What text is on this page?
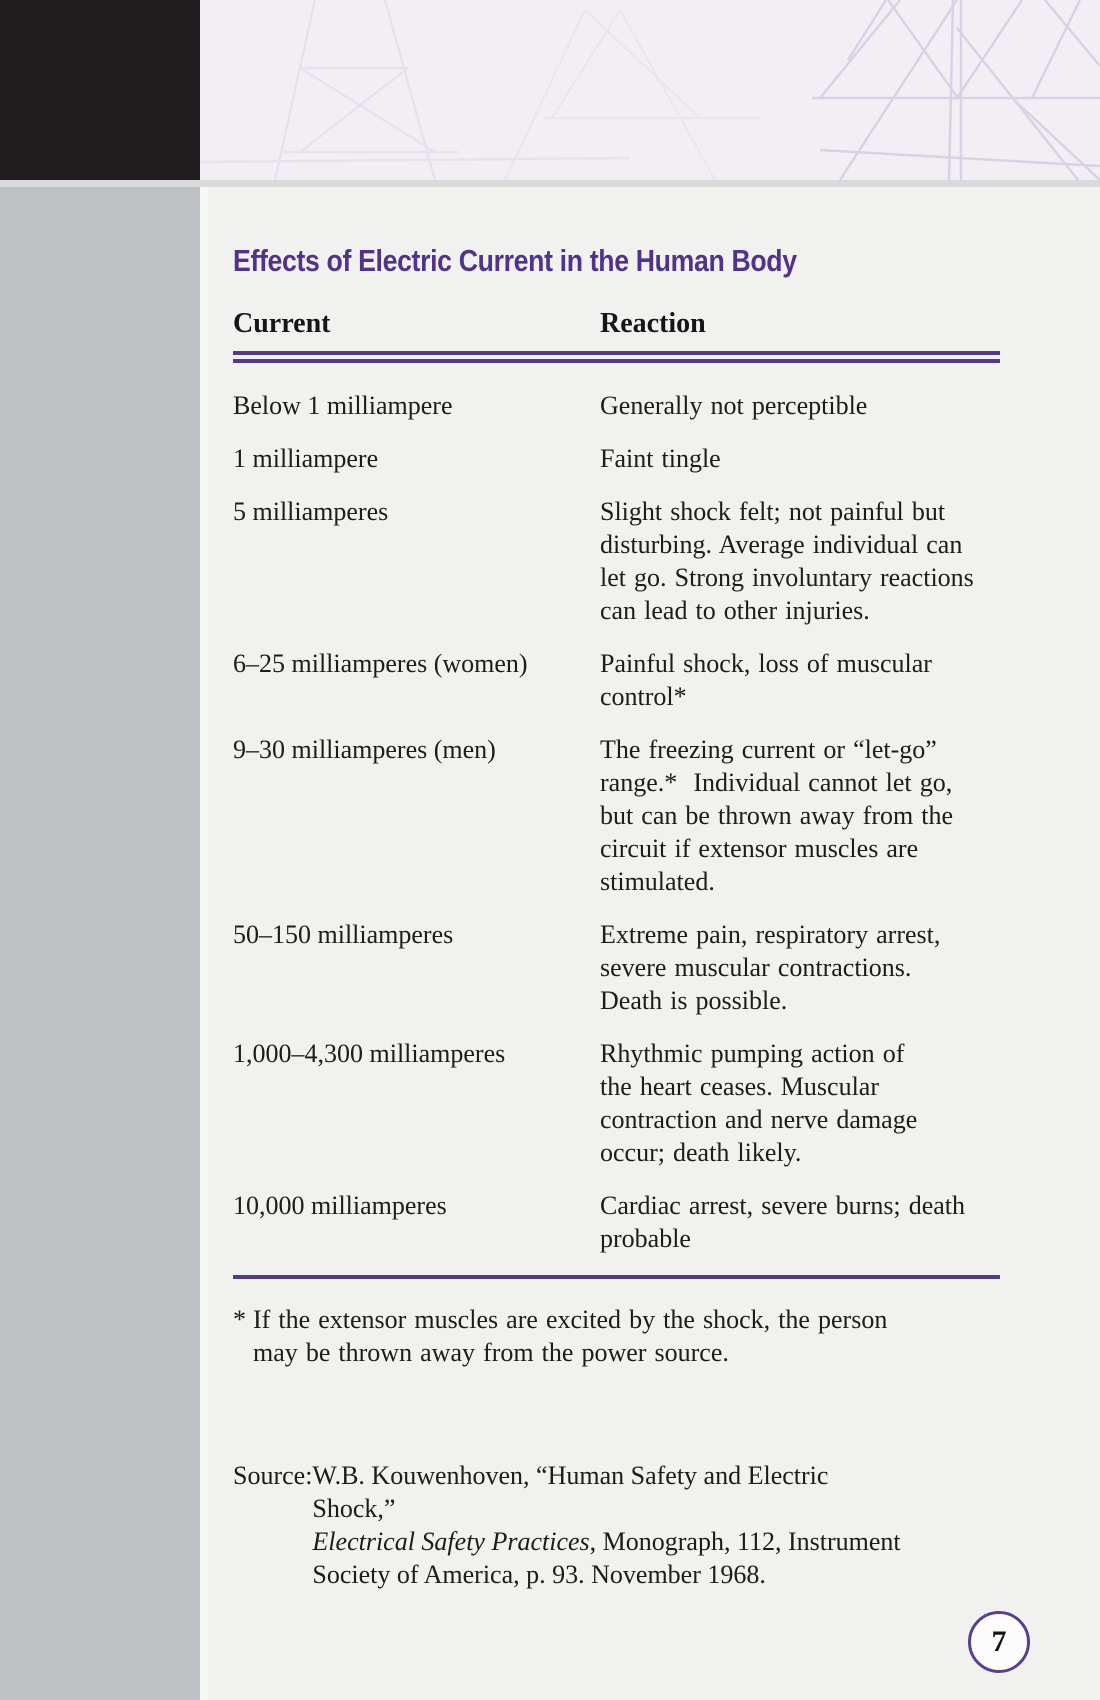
Effects of Electric Current in the Human Body
Current	Reaction
Below 1 milliampere	Generally not perceptible
1 milliampere	Faint tingle
5 milliamperes	Slight shock felt; not painful but
disturbing. Average individual can
let go. Strong involuntary reactions
can lead to other injuries.
6–25 milliamperes (women)	Painful shock, loss of muscular
control*
9–30 milliamperes (men)	The freezing current or “let-go”
range.*  Individual cannot let go,
but can be thrown away from the
circuit if extensor muscles are
stimulated.
50–150 milliamperes	Extreme pain, respiratory arrest,
severe muscular contractions.
Death is possible.
1,000–4,300 milliamperes	Rhythmic pumping action of
the heart ceases. Muscular
contraction and nerve damage
occur; death likely.
10,000 milliamperes	Cardiac arrest, severe burns; death
probable
* If the extensor muscles are excited by the shock, the person
may be thrown away from the power source.
Source: W.B. Kouwenhoven, “Human Safety and Electric Shock,”
Electrical Safety Practices, Monograph, 112, Instrument
Society of America, p. 93. November 1968.
7
